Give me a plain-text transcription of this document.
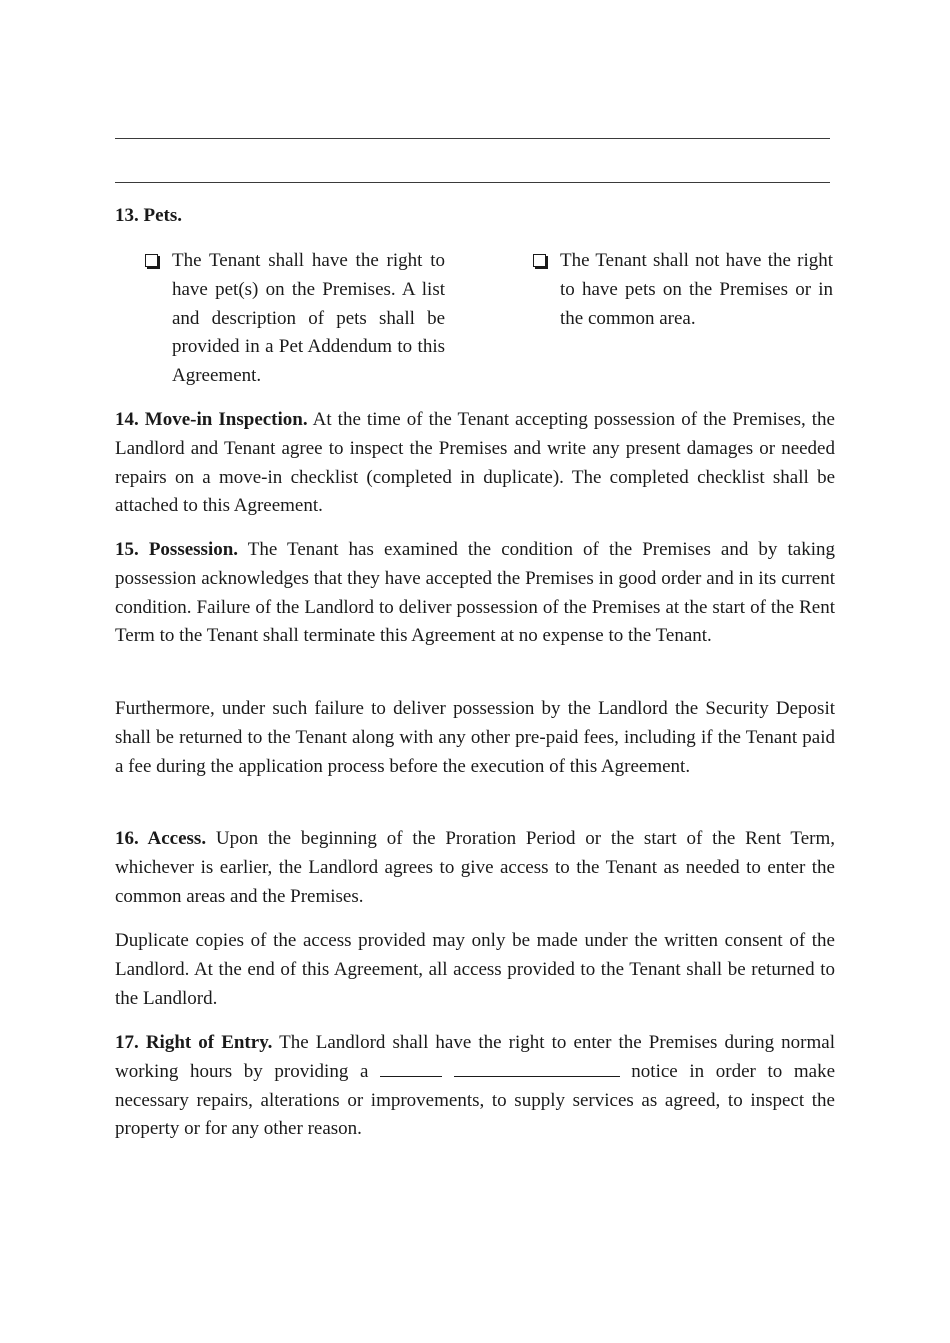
13. Pets.
The Tenant shall have the right to have pet(s) on the Premises. A list and description of pets shall be provided in a Pet Addendum to this Agreement.
The Tenant shall not have the right to have pets on the Premises or in the common area.

14. Move-in Inspection. At the time of the Tenant accepting possession of the Premises, the Landlord and Tenant agree to inspect the Premises and write any present damages or needed repairs on a move-in checklist (completed in duplicate). The completed checklist shall be attached to this Agreement.

15. Possession. The Tenant has examined the condition of the Premises and by taking possession acknowledges that they have accepted the Premises in good order and in its current condition. Failure of the Landlord to deliver possession of the Premises at the start of the Rent Term to the Tenant shall terminate this Agreement at no expense to the Tenant.

Furthermore, under such failure to deliver possession by the Landlord the Security Deposit shall be returned to the Tenant along with any other pre-paid fees, including if the Tenant paid a fee during the application process before the execution of this Agreement.

16. Access. Upon the beginning of the Proration Period or the start of the Rent Term, whichever is earlier, the Landlord agrees to give access to the Tenant as needed to enter the common areas and the Premises.

Duplicate copies of the access provided may only be made under the written consent of the Landlord. At the end of this Agreement, all access provided to the Tenant shall be returned to the Landlord.

17. Right of Entry. The Landlord shall have the right to enter the Premises during normal working hours by providing a	notice in order to make necessary repairs, alterations or improvements, to supply services as agreed, to inspect the property or for any other reason.
